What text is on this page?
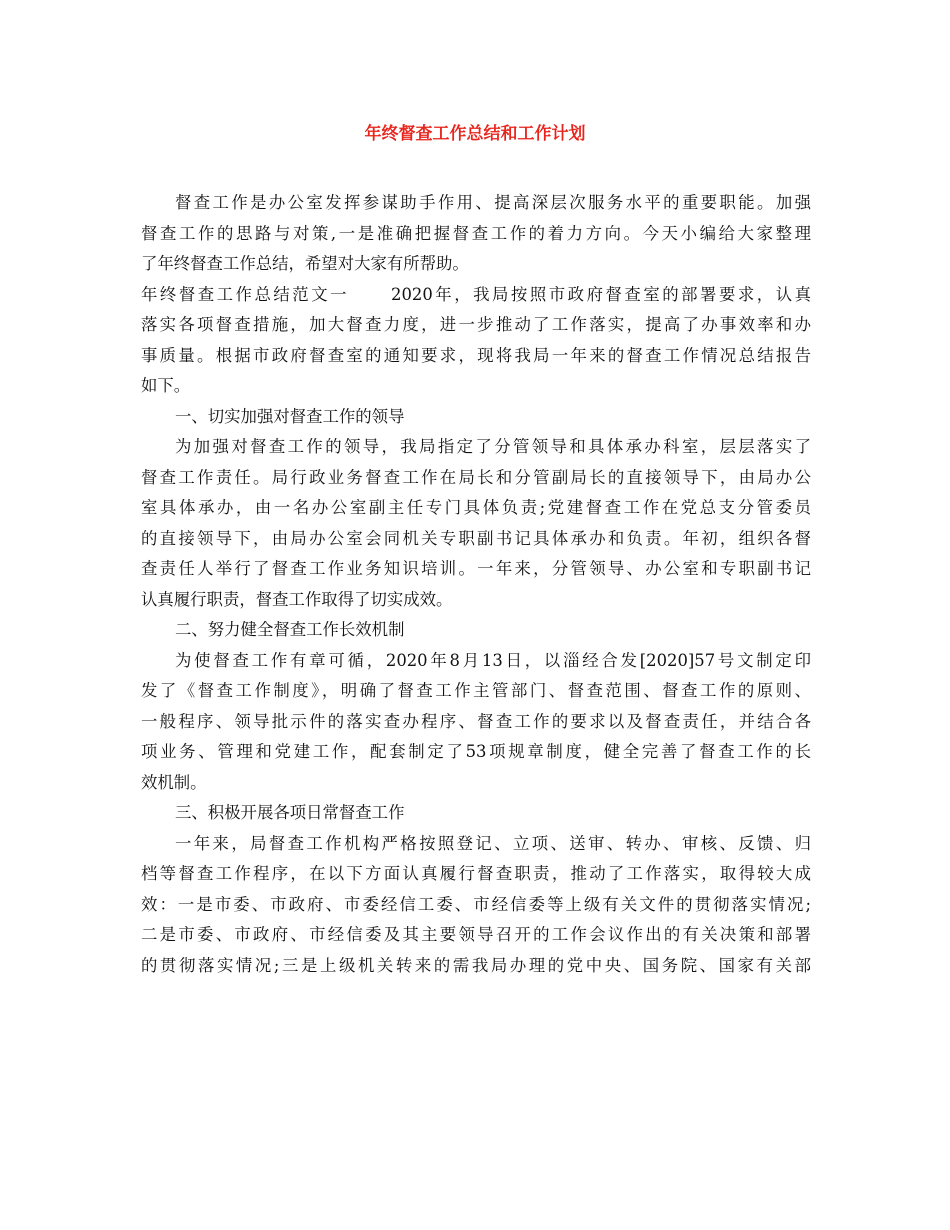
年终督查工作总结和工作计划
督查工作是办公室发挥参谋助手作用、提高深层次服务水平的重要职能。加强
督查工作的思路与对策,一是准确把握督查工作的着力方向。今天小编给大家整理
了年终督查工作总结，希望对大家有所帮助。
年终督查工作总结范文一	2020年，我局按照市政府督查室的部署要求，认真
落实各项督查措施，加大督查力度，进一步推动了工作落实，提高了办事效率和办
事质量。根据市政府督查室的通知要求，现将我局一年来的督查工作情况总结报告
如下。
一、切实加强对督查工作的领导
为加强对督查工作的领导，我局指定了分管领导和具体承办科室，层层落实了
督查工作责任。局行政业务督查工作在局长和分管副局长的直接领导下，由局办公
室具体承办，由一名办公室副主任专门具体负责;党建督查工作在党总支分管委员
的直接领导下，由局办公室会同机关专职副书记具体承办和负责。年初，组织各督
查责任人举行了督查工作业务知识培训。一年来，分管领导、办公室和专职副书记
认真履行职责，督查工作取得了切实成效。
二、努力健全督查工作长效机制
为使督查工作有章可循，2020年8月13日，以淄经合发[2020]57号文制定印
发了《督查工作制度》，明确了督查工作主管部门、督查范围、督查工作的原则、
一般程序、领导批示件的落实查办程序、督查工作的要求以及督查责任，并结合各
项业务、管理和党建工作，配套制定了53项规章制度，健全完善了督查工作的长
效机制。
三、积极开展各项日常督查工作
一年来，局督查工作机构严格按照登记、立项、送审、转办、审核、反馈、归
档等督查工作程序，在以下方面认真履行督查职责，推动了工作落实，取得较大成
效：一是市委、市政府、市委经信工委、市经信委等上级有关文件的贯彻落实情况;
二是市委、市政府、市经信委及其主要领导召开的工作会议作出的有关决策和部署
的贯彻落实情况;三是上级机关转来的需我局办理的党中央、国务院、国家有关部
